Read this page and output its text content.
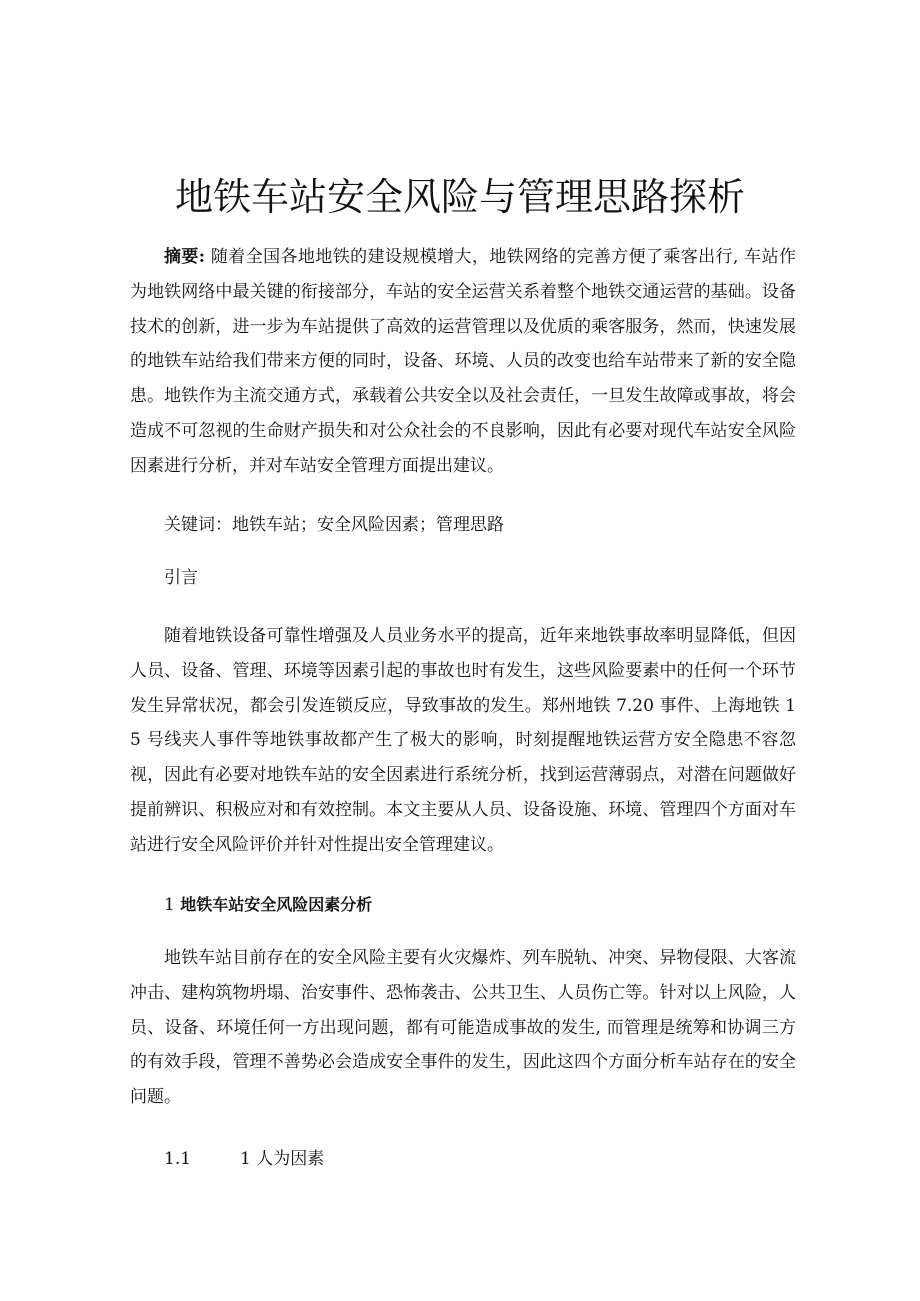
地铁车站安全风险与管理思路探析
摘要: 随着全国各地地铁的建设规模增大，地铁网络的完善方便了乘客出行, 车站作为地铁网络中最关键的衔接部分，车站的安全运营关系着整个地铁交通运营的基础。设备技术的创新，进一步为车站提供了高效的运营管理以及优质的乘客服务，然而，快速发展的地铁车站给我们带来方便的同时，设备、环境、人员的改变也给车站带来了新的安全隐患。地铁作为主流交通方式，承载着公共安全以及社会责任，一旦发生故障或事故，将会造成不可忽视的生命财产损失和对公众社会的不良影响，因此有必要对现代车站安全风险因素进行分析，并对车站安全管理方面提出建议。
关键词：地铁车站；安全风险因素；管理思路
引言
随着地铁设备可靠性增强及人员业务水平的提高，近年来地铁事故率明显降低，但因人员、设备、管理、环境等因素引起的事故也时有发生，这些风险要素中的任何一个环节发生异常状况，都会引发连锁反应，导致事故的发生。郑州地铁 7.20 事件、上海地铁 15 号线夹人事件等地铁事故都产生了极大的影响，时刻提醒地铁运营方安全隐患不容忽视，因此有必要对地铁车站的安全因素进行系统分析，找到运营薄弱点，对潜在问题做好提前辨识、积极应对和有效控制。本文主要从人员、设备设施、环境、管理四个方面对车站进行安全风险评价并针对性提出安全管理建议。
1 地铁车站安全风险因素分析
地铁车站目前存在的安全风险主要有火灾爆炸、列车脱轨、冲突、异物侵限、大客流冲击、建构筑物坍塌、治安事件、恐怖袭击、公共卫生、人员伤亡等。针对以上风险，人员、设备、环境任何一方出现问题，都有可能造成事故的发生, 而管理是统筹和协调三方的有效手段，管理不善势必会造成安全事件的发生，因此这四个方面分析车站存在的安全问题。
1.1	1 人为因素
